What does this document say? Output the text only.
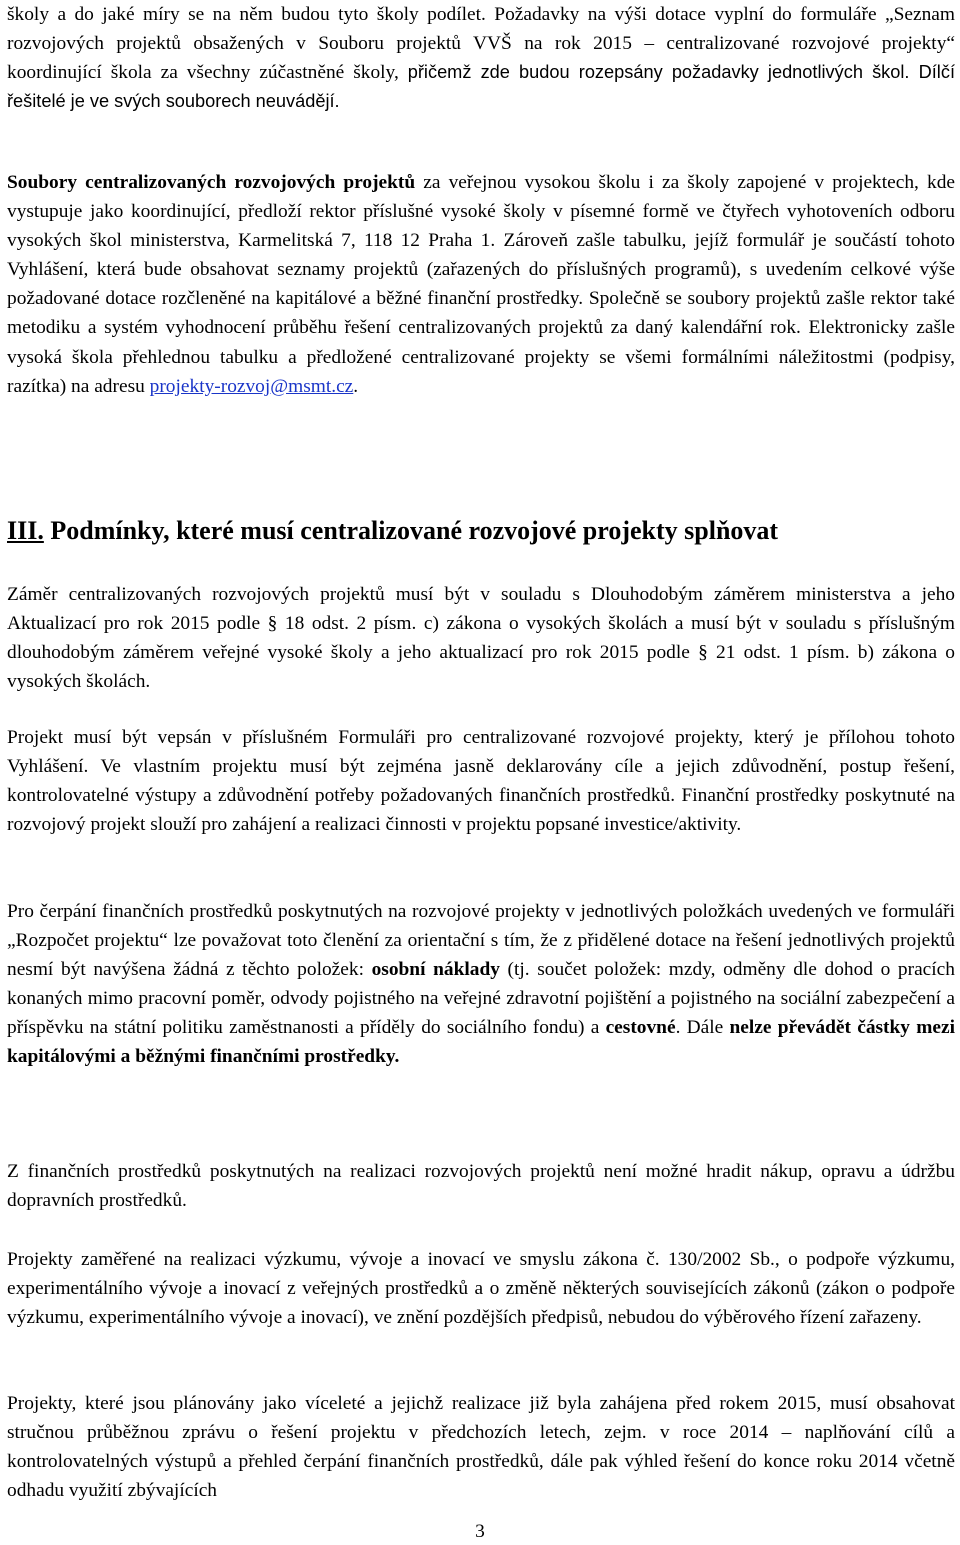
školy a do jaké míry se na něm budou tyto školy podílet. Požadavky na výši dotace vyplní do formuláře „Seznam rozvojových projektů obsažených v Souboru projektů VVŠ na rok 2015 – centralizované rozvojové projekty“ koordinující škola za všechny zúčastněné školy, přičemž zde budou rozepsány požadavky jednotlivých škol. Dílčí řešitelé je ve svých souborech neuvádějí.

Soubory centralizovaných rozvojových projektů za veřejnou vysokou školu i za školy zapojené v projektech, kde vystupuje jako koordinující, předloží rektor příslušné vysoké školy v písemné formě ve čtyřech vyhotoveních odboru vysokých škol ministerstva, Karmelitská 7, 118 12 Praha 1. Zároveň zašle tabulku, jejíž formulář je součástí tohoto Vyhlášení, která bude obsahovat seznamy projektů (zařazených do příslušných programů), s uvedením celkové výše požadované dotace rozčleněné na kapitálové a běžné finanční prostředky. Společně se soubory projektů zašle rektor také metodiku a systém vyhodnocení průběhu řešení centralizovaných projektů za daný kalendářní rok. Elektronicky zašle vysoká škola přehlednou tabulku a předložené centralizované projekty se všemi formálními náležitostmi (podpisy, razítka) na adresu projekty-rozvoj@msmt.cz.

III. Podmínky, které musí centralizované rozvojové projekty splňovat

Záměr centralizovaných rozvojových projektů musí být v souladu s Dlouhodobým záměrem ministerstva a jeho Aktualizací pro rok 2015 podle § 18 odst. 2 písm. c) zákona o vysokých školách a musí být v souladu s příslušným dlouhodobým záměrem veřejné vysoké školy a jeho aktualizací pro rok 2015 podle § 21 odst. 1 písm. b) zákona o vysokých školách.

Projekt musí být vepsán v příslušném Formuláři pro centralizované rozvojové projekty, který je přílohou tohoto Vyhlášení. Ve vlastním projektu musí být zejména jasně deklarovány cíle a jejich zdůvodnění, postup řešení, kontrolovatelné výstupy a zdůvodnění potřeby požadovaných finančních prostředků. Finanční prostředky poskytnuté na rozvojový projekt slouží pro zahájení a realizaci činnosti v projektu popsané investice/aktivity.

Pro čerpání finančních prostředků poskytnutých na rozvojové projekty v jednotlivých položkách uvedených ve formuláři „Rozpočet projektu“ lze považovat toto členění za orientační s tím, že z přidělené dotace na řešení jednotlivých projektů nesmí být navýšena žádná z těchto položek: osobní náklady (tj. součet položek: mzdy, odměny dle dohod o pracích konaných mimo pracovní poměr, odvody pojistného na veřejné zdravotní pojištění a pojistného na sociální zabezpečení a příspěvku na státní politiku zaměstnanosti a příděly do sociálního fondu) a cestovné. Dále nelze převádět částky mezi kapitálovými a běžnými finančními prostředky.

Z finančních prostředků poskytnutých na realizaci rozvojových projektů není možné hradit nákup, opravu a údržbu dopravních prostředků.

Projekty zaměřené na realizaci výzkumu, vývoje a inovací ve smyslu zákona č. 130/2002 Sb., o podpoře výzkumu, experimentálního vývoje a inovací z veřejných prostředků a o změně některých souvisejících zákonů (zákon o podpoře výzkumu, experimentálního vývoje a inovací), ve znění pozdějších předpisů, nebudou do výběrového řízení zařazeny.

Projekty, které jsou plánovány jako víceleté a jejichž realizace již byla zahájena před rokem 2015, musí obsahovat stručnou průběžnou zprávu o řešení projektu v předchozích letech, zejm. v roce 2014 – naplňování cílů a kontrolovatelných výstupů a přehled čerpání finančních prostředků, dále pak výhled řešení do konce roku 2014 včetně odhadu využití zbývajících

3
